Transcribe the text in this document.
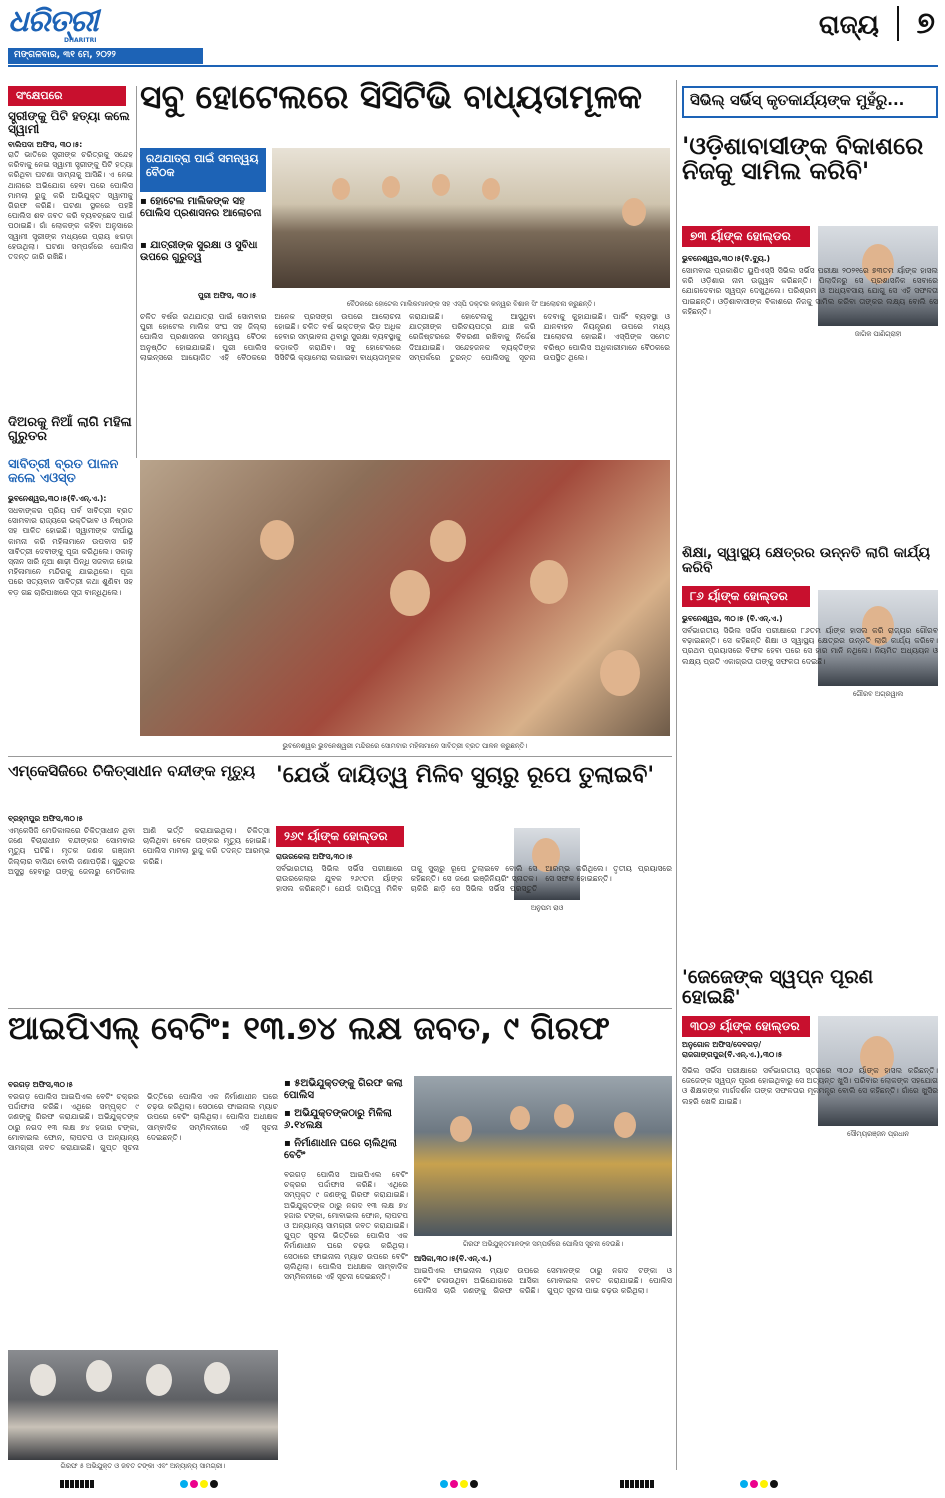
ଧରିତ୍ରୀ
DHARITRI
ମଙ୍ଗଳବାର, ୩୧ ମେ, ୨୦୨୨
ରାଜ୍ୟ	୭
ସଂକ୍ଷେପରେ
ସ୍ତ୍ରୀଙ୍କୁ ପିଟି ହତ୍ୟା କଲେ ସ୍ୱାମୀ
ବାଲିପଦା ଅଫିସ, ୩୦।୫:
ରାତି ଭାତିରେ ସ୍ତ୍ରୀଙ୍କ ଚରିତ୍ରକୁ ସନ୍ଦେହ କରିବାକୁ ନେଇ ସ୍ୱାମୀ ସ୍ତ୍ରୀଙ୍କୁ ପିଟି ହତ୍ୟା କରିଥିବା ଘଟଣା ସାମ୍ନାକୁ ଆସିଛି। ଏ ନେଇ ଥାନାରେ ଅଭିଯୋଗ ହେବା ପରେ ପୋଲିସ ମାମଲା ରୁଜୁ କରି ଅଭିଯୁକ୍ତ ସ୍ୱାମୀକୁ ଗିରଫ କରିଛି। ଘଟଣା ସ୍ଥଳରେ ପହଞ୍ଚି ପୋଲିସ ଶବ ଜବତ କରି ବ୍ୟବଚ୍ଛେଦ ପାଇଁ ପଠାଇଛି। ଗାଁ ଲୋକଙ୍କ କହିବା ଅନୁସାରେ ସ୍ୱାମୀ ସ୍ତ୍ରୀଙ୍କ ମଧ୍ୟରେ ପ୍ରାୟ ଝଗଡ଼ା ହେଉଥିଲା। ଘଟଣା ସମ୍ପର୍କରେ ପୋଲିସ ତଦନ୍ତ ଜାରି ରଖିଛି।
ଦିଅରକୁ ନିଆଁ ଲାଗି ମହିଳା ଗୁରୁତର
ସବୁ ହୋଟେଲରେ ସିସିଟିଭି ବାଧ୍ୟତାମୂଳକ
ରଥଯାତ୍ରା ପାଇଁ ସମନ୍ୱୟ ବୈଠକ
▪ ହୋଟେଲ ମାଲିକଙ୍କ ସହ ପୋଲିସ ପ୍ରଶାସନର ଆଲୋଚନା
▪ ଯାତ୍ରୀଙ୍କ ସୁରକ୍ଷା ଓ ସୁବିଧା ଉପରେ ଗୁରୁତ୍ୱ
ପୁରୀ ଅଫିସ, ୩୦।୫
ବୈଠକରେ ହୋଟେଲ ମାଲିକମାନଙ୍କ ସହ ଏସ୍‌ପି ଡକ୍ଟର କନ୍ୱର ବିଶାଳ ସିଂ ଆଲୋଚନା କରୁଛନ୍ତି।
ଚଳିତ ବର୍ଷର ରଥଯାତ୍ରା ପାଇଁ ସୋମବାର ପୁରୀ ହୋଟେଲ ମାଲିକ ସଂଘ ସହ ଜିଲ୍ଲା ପୋଲିସ ପ୍ରଶାସନର ସମନ୍ୱୟ ବୈଠକ ଅନୁଷ୍ଠିତ ହୋଇଯାଇଛି। ପୁରୀ ପୋଲିସ ଲାଇନ୍ସରେ ଆୟୋଜିତ ଏହି ବୈଠକରେ ଅନେକ ପ୍ରସଙ୍ଗ ଉପରେ ଆଲୋଚନା ହୋଇଛି। ଚଳିତ ବର୍ଷ ଭକ୍ତଙ୍କ ଭିଡ଼ ଅଧିକ ହେବାର ସମ୍ଭାବନା ଥିବାରୁ ସୁରକ୍ଷା ବ୍ୟବସ୍ଥାକୁ କଡ଼ାକଡ଼ି କରାଯିବ। ସବୁ ହୋଟେଲରେ ସିସିଟିଭି କ୍ୟାମେରା ଲଗାଇବା ବାଧ୍ୟତାମୂଳକ କରାଯାଇଛି। ହୋଟେଲକୁ ଆସୁଥିବା ଯାତ୍ରୀଙ୍କ ପରିଚୟପତ୍ର ଯାଞ୍ଚ କରି ରେଜିଷ୍ଟରରେ ବିବରଣୀ ରଖିବାକୁ ନିର୍ଦ୍ଦେଶ ଦିଆଯାଇଛି। ସନ୍ଦେହଜନକ ବ୍ୟକ୍ତିଙ୍କ ସମ୍ପର୍କରେ ତୁରନ୍ତ ପୋଲିସକୁ ସୂଚନା ଦେବାକୁ କୁହାଯାଇଛି। ପାର୍କିଂ ବ୍ୟବସ୍ଥା ଓ ଯାନବାହନ ନିୟନ୍ତ୍ରଣ ଉପରେ ମଧ୍ୟ ଆଲୋଚନା ହୋଇଛି। ଏସ୍‌ପିଙ୍କ ସମେତ ବରିଷ୍ଠ ପୋଲିସ ଅଧିକାରୀମାନେ ବୈଠକରେ ଉପସ୍ଥିତ ଥିଲେ।
ସାବିତ୍ରୀ ବ୍ରତ ପାଳନ କଲେ ଏଓସ୍ତ
ଭୁବନେଶ୍ୱର,୩୦।୫(ବି.ଏନ୍‌.ଏ.):
ସଧବାଙ୍କର ପ୍ରିୟ ପର୍ବ ସାବିତ୍ରୀ ବ୍ରତ ସୋମବାର ରାଜ୍ୟରେ ଭକ୍ତିଭାବ ଓ ନିଷ୍ଠାର ସହ ପାଳିତ ହୋଇଛି। ସ୍ୱାମୀଙ୍କ ଦୀର୍ଘାୟୁ କାମନା କରି ମହିଳାମାନେ ଉପବାସ ରହି ସାବିତ୍ରୀ ଦେବୀଙ୍କୁ ପୂଜା କରିଥିଲେ। ସକାଳୁ ସ୍ନାନ ସାରି ନୂଆ ଶାଢ଼ୀ ପିନ୍ଧି ସଜବାଜ ହୋଇ ମହିଳାମାନେ ମନ୍ଦିରକୁ ଯାଇଥିଲେ। ପୂଜା ପରେ ସତ୍ୟବାନ ସାବିତ୍ରୀ କଥା ଶୁଣିବା ସହ ବଡ଼ ଗଛ ଚାରିପାଖରେ ସୂତା ବାନ୍ଧିଥିଲେ।
ଭୁବନେଶ୍ୱର ଭୁବନେଶ୍ୱରୀ ମନ୍ଦିରରେ ସୋମବାର ମହିଳାମାନେ ସାବିତ୍ରୀ ବ୍ରତ ପାଳନ କରୁଛନ୍ତି।
ସିଭିଲ୍ ସର୍ଭିସ୍ କୃତକାର୍ଯ୍ୟଙ୍କ ମୁହଁରୁ...
'ଓଡ଼ିଶାବାସୀଙ୍କ ବିକାଶରେ ନିଜକୁ ସାମିଲ କରିବି'
୭୩ ର୍ୟାଙ୍କ ହୋଲ୍ଡର
ଭୁବନେଶ୍ୱର,୩୦।୫(ବି.ବ୍ୟୁ.)
ଜାଗିକ ପାଣିଗ୍ରାହୀ
ସୋମବାର ପ୍ରକାଶିତ ୟୁପିଏସ୍‌ସି ସିଭିଲ ସର୍ଭିସ ପରୀକ୍ଷା ୨୦୨୧ରେ ୭୩ତମ ର୍ୟାଙ୍କ ହାସଲ କରି ଓଡ଼ିଶାର ନାମ ଉଜ୍ଜ୍ୱଳ କରିଛନ୍ତି। ପିଲାଦିନରୁ ସେ ପ୍ରଶାସନିକ ସେବାରେ ଯୋଗଦେବାର ସ୍ୱପ୍ନ ଦେଖୁଥିଲେ। ପରିଶ୍ରମ ଓ ଅଧ୍ୟବସାୟ ଯୋଗୁ ସେ ଏହି ସଫଳତା ପାଇଛନ୍ତି। ଓଡ଼ିଶାବାସୀଙ୍କ ବିକାଶରେ ନିଜକୁ ସାମିଲ କରିବା ତାଙ୍କର ଲକ୍ଷ୍ୟ ବୋଲି ସେ କହିଛନ୍ତି।
ଶିକ୍ଷା, ସ୍ୱାସ୍ଥ୍ୟ କ୍ଷେତ୍ରର ଉନ୍ନତି ଲାଗି କାର୍ଯ୍ୟ କରିବି
୮୬ ର୍ୟାଙ୍କ ହୋଲ୍ଡର
ଭୁବନେଶ୍ୱର, ୩୦।୫ (ବି.ଏନ୍‌.ଏ.)
ଗୌରବ ଅଗ୍ରୱାଲ
ସର୍ବଭାରତୀୟ ସିଭିଲ ସର୍ଭିସ ପରୀକ୍ଷାରେ ୮୬ତମ ର୍ୟାଙ୍କ ହାସଲ କରି ରାଜ୍ୟର ଗୌରବ ବଢ଼ାଇଛନ୍ତି। ସେ କହିଛନ୍ତି ଶିକ୍ଷା ଓ ସ୍ୱାସ୍ଥ୍ୟ କ୍ଷେତ୍ରର ଉନ୍ନତି ଲାଗି କାର୍ଯ୍ୟ କରିବେ। ପ୍ରଥମ ପ୍ରୟାସରେ ବିଫଳ ହେବା ପରେ ସେ ହାର ମାନି ନଥିଲେ। ନିୟମିତ ଅଧ୍ୟୟନ ଓ ଲକ୍ଷ୍ୟ ପ୍ରତି ଏକାଗ୍ରତା ତାଙ୍କୁ ସଫଳତା ଦେଇଛି।
'ଜେଜେଙ୍କ ସ୍ୱପ୍ନ ପୂରଣ ହୋଇଛି'
୩୦୬ ର୍ୟାଙ୍କ ହୋଲ୍ଡର
ଅନୁଗୋଳ ଅଫିସ/ଦେବଗଡ଼/ରାଜଗାଙ୍ଗପୁର(ବି.ଏନ୍‌.ଏ.),୩୦।୫
ସୌମ୍ୟରଞ୍ଜନ ପ୍ରଧାନ
ସିଭିଲ ସର୍ଭିସ ପରୀକ୍ଷାରେ ସର୍ବଭାରତୀୟ ସ୍ତରରେ ୩୦୬ ର୍ୟାଙ୍କ ହାସଲ କରିଛନ୍ତି। ଜେଜେଙ୍କ ସ୍ୱପ୍ନ ପୂରଣ ହୋଇଥିବାରୁ ସେ ଅତ୍ୟନ୍ତ ଖୁସି। ପରିବାର ଲୋକଙ୍କ ସହଯୋଗ ଓ ଶିକ୍ଷକଙ୍କ ମାର୍ଗଦର୍ଶନ ତାଙ୍କ ସଫଳତାର ମୂଳମନ୍ତ୍ର ବୋଲି ସେ କହିଛନ୍ତି। ଗାଁରେ ଖୁସିର ଲହରି ଖେଳି ଯାଇଛି।
ଏମ୍‌କେସିଜିରେ ଚିକିତ୍ସାଧୀନ ବନ୍ଦୀଙ୍କ ମୃତ୍ୟୁ
ବ୍ରହ୍ମପୁର ଅଫିସ,୩୦।୫
ଏମ୍‌କେସିଜି ମେଡିକାଲରେ ଚିକିତ୍ସାଧୀନ ଥିବା ଜଣେ ବିଚାରାଧୀନ ବନ୍ଦୀଙ୍କର ସୋମବାର ମୃତ୍ୟୁ ଘଟିଛି। ମୃତକ ଜଣକ ଗଞ୍ଜାମ ଜିଲ୍ଲାର ବାସିନ୍ଦା ବୋଲି ଜଣାପଡ଼ିଛି। ଗୁରୁତର ଅସୁସ୍ଥ ହେବାରୁ ତାଙ୍କୁ ଜେଲରୁ ମେଡିକାଲ ଆଣି ଭର୍ତ୍ତି କରାଯାଇଥିଲା। ଚିକିତ୍ସା ଚାଲିଥିବା ବେଳେ ତାଙ୍କର ମୃତ୍ୟୁ ହୋଇଛି। ପୋଲିସ ମାମଲା ରୁଜୁ କରି ତଦନ୍ତ ଆରମ୍ଭ କରିଛି।
'ଯେଉଁ ଦାୟିତ୍ୱ ମିଳିବ ସୁଚାରୁ ରୂପେ ତୁଲାଇବି'
୨୬୯ ର୍ୟାଙ୍କ ହୋଲ୍ଡର
ରାଉରକେଲା ଅଫିସ,୩୦।୫
ଅନୁପମ ରାଓ
ସର୍ବଭାରତୀୟ ସିଭିଲ ସର୍ଭିସ ପରୀକ୍ଷାରେ ରାଉରକେଲାର ଯୁବକ ୨୬୯ତମ ର୍ୟାଙ୍କ ହାସଲ କରିଛନ୍ତି। ଯେଉଁ ଦାୟିତ୍ୱ ମିଳିବ ତାକୁ ସୁଚାରୁ ରୂପେ ତୁଲାଇବେ ବୋଲି ସେ କହିଛନ୍ତି। ସେ ଜଣେ ଇଞ୍ଜିନିୟରିଂ ସ୍ନାତକ। ଚାକିରି ଛାଡ଼ି ସେ ସିଭିଲ ସର୍ଭିସ ପ୍ରସ୍ତୁତି ଆରମ୍ଭ କରିଥିଲେ। ତୃତୀୟ ପ୍ରୟାସରେ ସେ ସଫଳ ହୋଇଛନ୍ତି।
ଆଇପିଏଲ୍ ବେଟିଂ: ୧୩.୭୪ ଲକ୍ଷ ଜବତ, ୯ ଗିରଫ
ବରଗଡ଼ ଅଫିସ,୩୦।୫
ବରଗଡ଼ ପୋଲିସ ଆଇପିଏଲ ବେଟିଂ ଚକ୍ରର ପର୍ଦ୍ଦାଫାସ କରିଛି। ଏଥିରେ ସମ୍ପୃକ୍ତ ୯ ଜଣଙ୍କୁ ଗିରଫ କରାଯାଇଛି। ଅଭିଯୁକ୍ତଙ୍କ ଠାରୁ ନଗଦ ୧୩ ଲକ୍ଷ ୭୪ ହଜାର ଟଙ୍କା, ମୋବାଇଲ ଫୋନ, ଲାପଟପ ଓ ଅନ୍ୟାନ୍ୟ ସାମଗ୍ରୀ ଜବତ କରାଯାଇଛି। ଗୁପ୍ତ ସୂଚନା ଭିତ୍ତିରେ ପୋଲିସ ଏକ ନିର୍ମାଣାଧୀନ ଘରେ ଚଢ଼ଉ କରିଥିଲା। ସେଠାରେ ଫାଇନାଲ ମ୍ୟାଚ ଉପରେ ବେଟିଂ ଚାଲିଥିଲା। ପୋଲିସ ଅଧୀକ୍ଷକ ସାମ୍ବାଦିକ ସମ୍ମିଳନୀରେ ଏହି ସୂଚନା ଦେଇଛନ୍ତି।
▪ ୫ଅଭିଯୁକ୍ତଙ୍କୁ ଗିରଫ କଲା ପୋଲିସ
▪ ଅଭିଯୁକ୍ତଙ୍କଠାରୁ ମିଳିଲା ୬.୧୪ଲକ୍ଷ
▪ ନିର୍ମାଣାଧୀନ ଘରେ ଚାଲିଥିଲା ବେଟିଂ
ବରଗଡ଼ ପୋଲିସ ଆଇପିଏଲ ବେଟିଂ ଚକ୍ରର ପର୍ଦ୍ଦାଫାସ କରିଛି। ଏଥିରେ ସମ୍ପୃକ୍ତ ୯ ଜଣଙ୍କୁ ଗିରଫ କରାଯାଇଛି। ଅଭିଯୁକ୍ତଙ୍କ ଠାରୁ ନଗଦ ୧୩ ଲକ୍ଷ ୭୪ ହଜାର ଟଙ୍କା, ମୋବାଇଲ ଫୋନ, ଲାପଟପ ଓ ଅନ୍ୟାନ୍ୟ ସାମଗ୍ରୀ ଜବତ କରାଯାଇଛି। ଗୁପ୍ତ ସୂଚନା ଭିତ୍ତିରେ ପୋଲିସ ଏକ ନିର୍ମାଣାଧୀନ ଘରେ ଚଢ଼ଉ କରିଥିଲା। ସେଠାରେ ଫାଇନାଲ ମ୍ୟାଚ ଉପରେ ବେଟିଂ ଚାଲିଥିଲା। ପୋଲିସ ଅଧୀକ୍ଷକ ସାମ୍ବାଦିକ ସମ୍ମିଳନୀରେ ଏହି ସୂଚନା ଦେଇଛନ୍ତି।
ଗିରଫ ଅଭିଯୁକ୍ତମାନଙ୍କ ସମ୍ପର୍କରେ ପୋଲିସ ସୂଚନା ଦେଉଛି।
ଆସିକା,୩୦।୫(ବି.ଏନ୍‌.ଏ.)
ଆଇପିଏଲ ଫାଇନାଲ ମ୍ୟାଚ ଉପରେ ବେଟିଂ ଚଳାଉଥିବା ଅଭିଯୋଗରେ ଆସିକା ପୋଲିସ ଚାରି ଜଣଙ୍କୁ ଗିରଫ କରିଛି। ସେମାନଙ୍କ ଠାରୁ ନଗଦ ଟଙ୍କା ଓ ମୋବାଇଲ ଜବତ କରାଯାଇଛି। ପୋଲିସ ଗୁପ୍ତ ସୂଚନା ପାଇ ଚଢ଼ଉ କରିଥିଲା।
ଗିରଫ ୫ ଅଭିଯୁକ୍ତ ଓ ଜବତ ଟଙ୍କା ଏବଂ ଅନ୍ୟାନ୍ୟ ସାମଗ୍ରୀ।
